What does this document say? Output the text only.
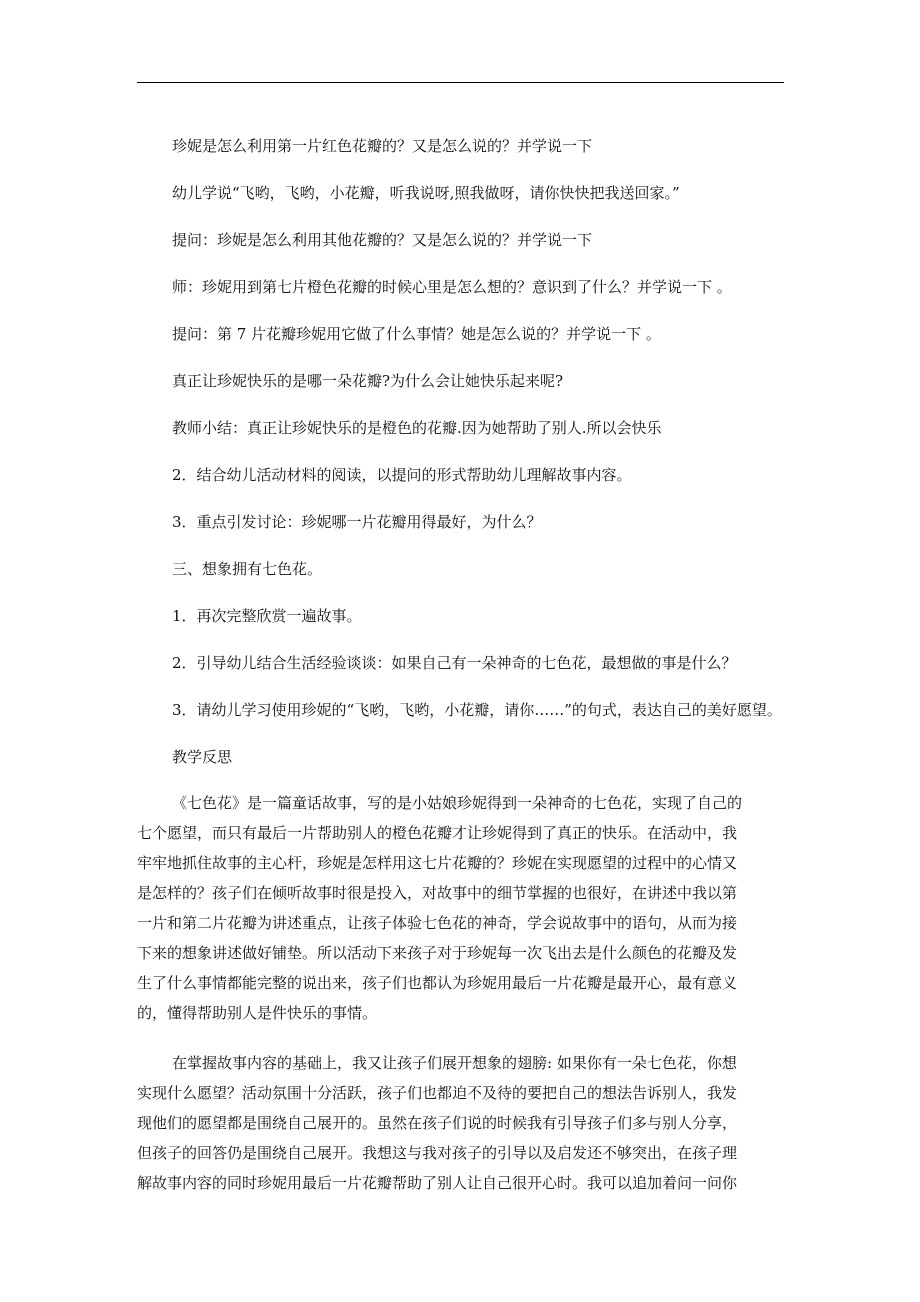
珍妮是怎么利用第一片红色花瓣的？又是怎么说的？并学说一下

幼儿学说“飞哟，飞哟，小花瓣，听我说呀,照我做呀，请你快快把我送回家。”

提问：珍妮是怎么利用其他花瓣的？又是怎么说的？并学说一下

师：珍妮用到第七片橙色花瓣的时候心里是怎么想的？意识到了什么？并学说一下 。

提问：第 7 片花瓣珍妮用它做了什么事情？她是怎么说的？并学说一下 。

真正让珍妮快乐的是哪一朵花瓣?为什么会让她快乐起来呢?

教师小结：真正让珍妮快乐的是橙色的花瓣.因为她帮助了别人.所以会快乐

2．结合幼儿活动材料的阅读，以提问的形式帮助幼儿理解故事内容。

3．重点引发讨论：珍妮哪一片花瓣用得最好，为什么？

三、想象拥有七色花。

1．再次完整欣赏一遍故事。

2．引导幼儿结合生活经验谈谈：如果自己有一朵神奇的七色花，最想做的事是什么？

3．请幼儿学习使用珍妮的“飞哟，飞哟，小花瓣，请你……”的句式，表达自己的美好愿望。

教学反思

《七色花》是一篇童话故事，写的是小姑娘珍妮得到一朵神奇的七色花，实现了自己的七个愿望，而只有最后一片帮助别人的橙色花瓣才让珍妮得到了真正的快乐。在活动中，我牢牢地抓住故事的主心杆，珍妮是怎样用这七片花瓣的？珍妮在实现愿望的过程中的心情又是怎样的？孩子们在倾听故事时很是投入，对故事中的细节掌握的也很好，在讲述中我以第一片和第二片花瓣为讲述重点，让孩子体验七色花的神奇，学会说故事中的语句，从而为接下来的想象讲述做好铺垫。所以活动下来孩子对于珍妮每一次飞出去是什么颜色的花瓣及发生了什么事情都能完整的说出来，孩子们也都认为珍妮用最后一片花瓣是最开心，最有意义的，懂得帮助别人是件快乐的事情。

在掌握故事内容的基础上，我又让孩子们展开想象的翅膀: 如果你有一朵七色花，你想实现什么愿望？活动氛围十分活跃，孩子们也都迫不及待的要把自己的想法告诉别人，我发现他们的愿望都是围绕自己展开的。虽然在孩子们说的时候我有引导孩子们多与别人分享，但孩子的回答仍是围绕自己展开。我想这与我对孩子的引导以及启发还不够突出，在孩子理解故事内容的同时珍妮用最后一片花瓣帮助了别人让自己很开心时。我可以追加着问一问你
